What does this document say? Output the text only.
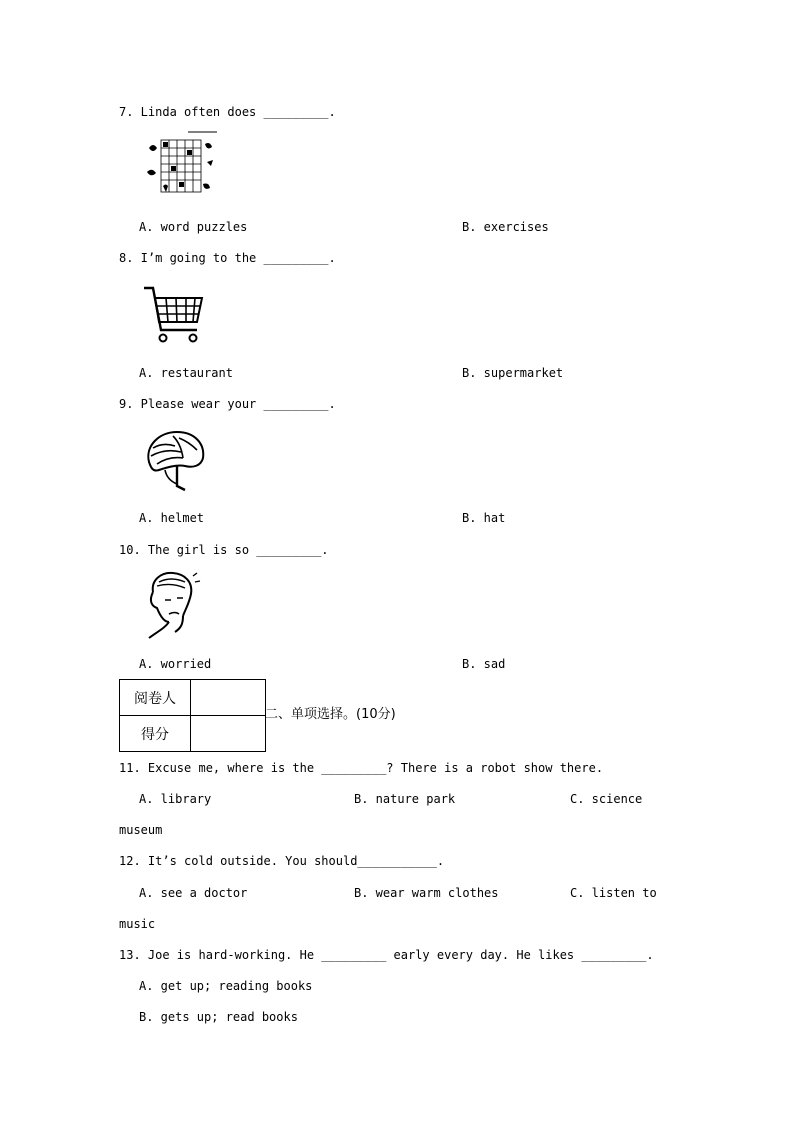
7. Linda often does _________.
A. word puzzles	B. exercises
8. I’m going to the _________.
A. restaurant	B. supermarket
9. Please wear your _________.
A. helmet	B. hat
10. The girl is so _________.
A. worried	B. sad
阅卷人	
得分	
二、单项选择。(10分)
11. Excuse me, where is the _________? There is a robot show there.
A. library	B. nature park	C. science
museum
12. It’s cold outside. You should___________.
A. see a doctor	B. wear warm clothes	C. listen to
music
13. Joe is hard-working. He _________ early every day. He likes _________.
A. get up; reading books
B. gets up; read books
